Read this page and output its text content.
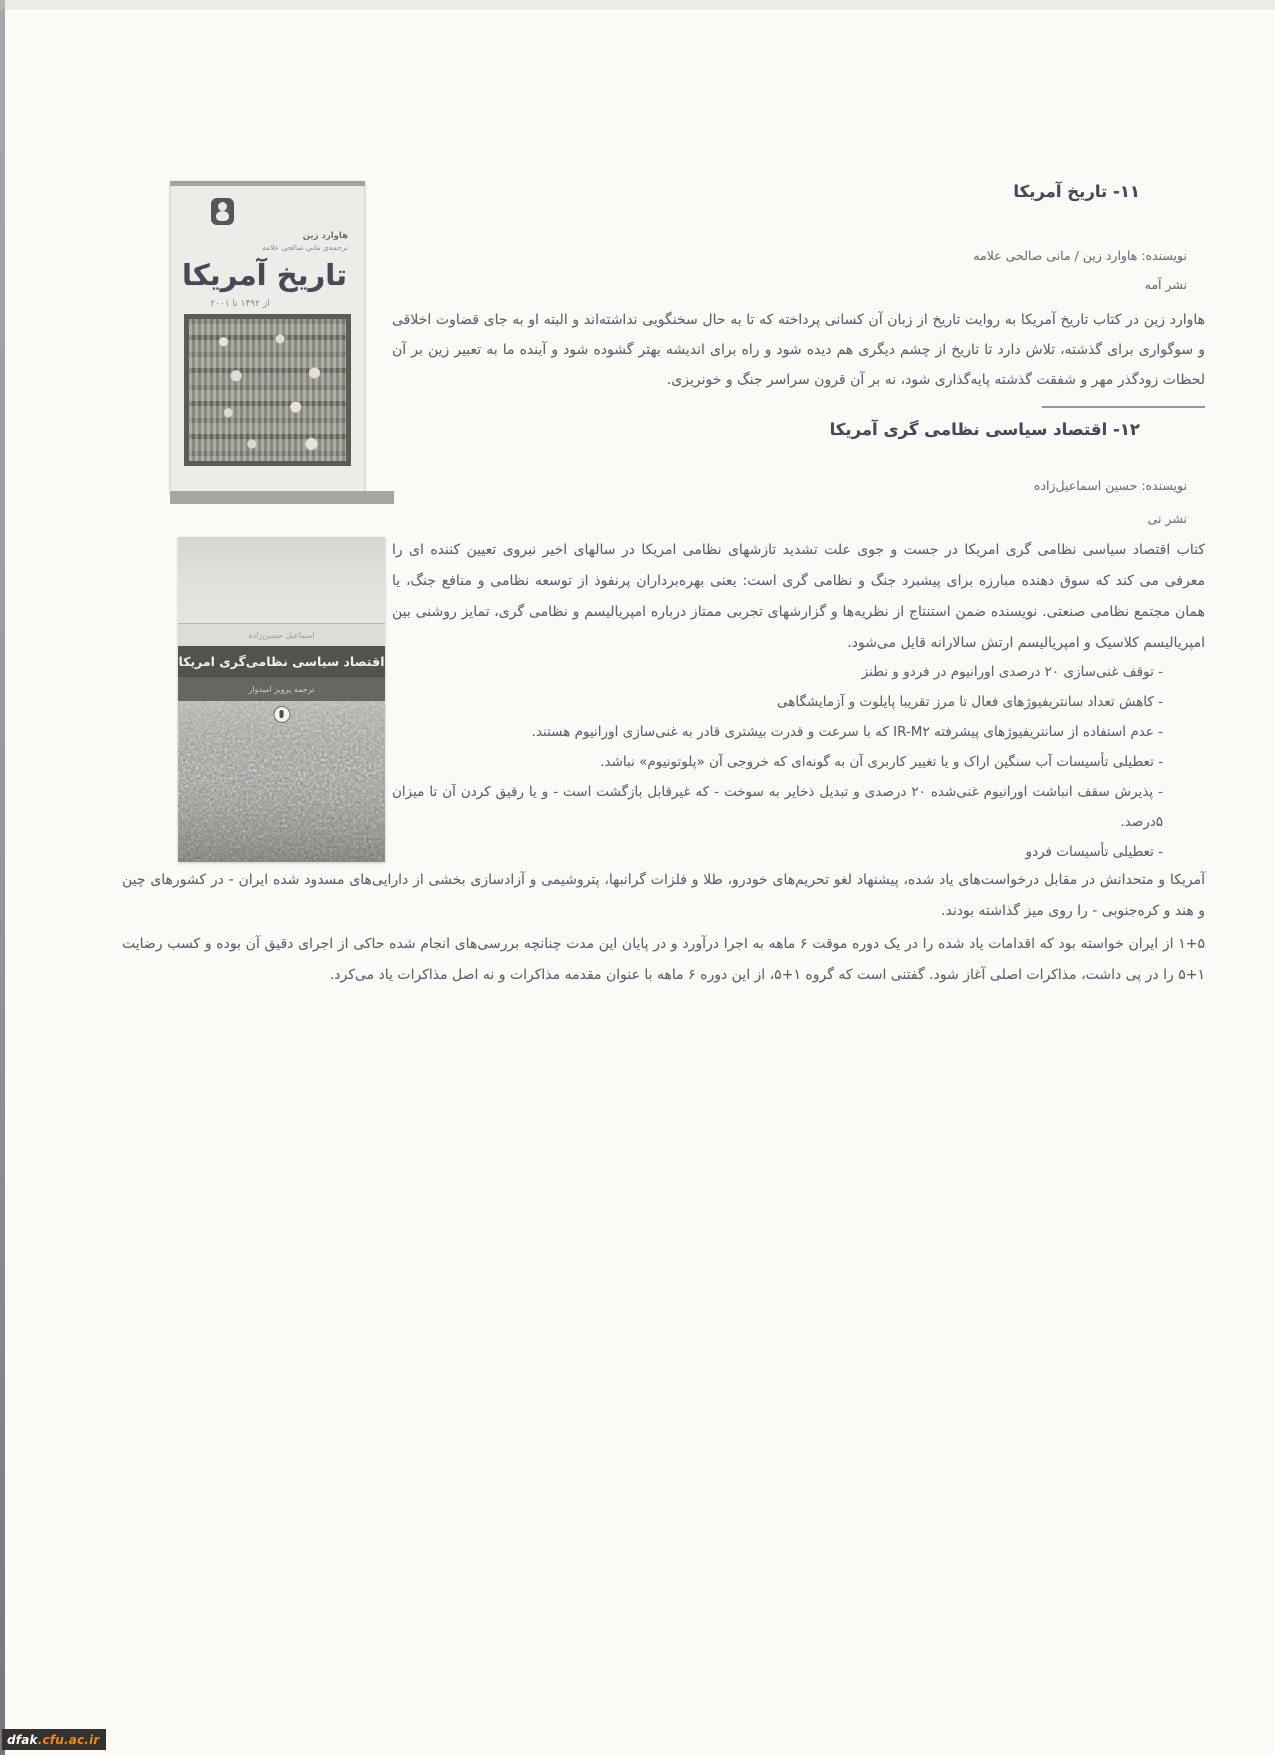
۱۱- تاریخ آمریکا
نویسنده: هاوارد زین / مانی صالحی علامه
نشر آمه
هاوارد زین در کتاب تاریخ آمریکا به روایت تاریخ از زبان آن کسانی پرداخته که تا به حال سخنگویی نداشته‌اند و البته او به جای قضاوت اخلاقی و سوگواری برای گذشته، تلاش دارد تا تاریخ از چشم دیگری هم دیده شود و راه برای اندیشه بهتر گشوده شود و آینده ما به تعبیر زین بر آن لحظات زودگذر مهر و شفقت گذشته پایه‌گذاری شود، نه بر آن قرون سراسر جنگ و خونریزی.
۱۲- اقتصاد سیاسی نظامی گری آمریکا
نویسنده: حسین اسماعیل‌زاده
نشر نی
کتاب اقتصاد سیاسی نظامی گری امریکا در جست و جوی علت تشدید تازشهای نظامی امریکا در سالهای اخیر نیروی تعیین کننده ای را معرفی می کند که سوق دهنده مبارزه برای پیشبرد جنگ و نظامی گری است: یعنی بهره‌برداران پرنفوذ از توسعه نظامی و منافع جنگ، یا همان مجتمع نظامی صنعتی. نویسنده ضمن استنتاج از نظریه‌ها و گزارشهای تجربی ممتاز درباره امپریالیسم و نظامی گری، تمایز روشنی بین امپریالیسم کلاسیک و امپریالیسم ارتش سالارانه قایل می‌شود.
- توقف غنی‌سازی ۲۰ درصدی اورانیوم در فردو و نطنز
- کاهش تعداد سانتریفیوژهای فعال تا مرز تقریبا پایلوت و آزمایشگاهی
- عدم استفاده از سانتریفیوژهای پیشرفته IR-M۲ که با سرعت و قدرت بیشتری قادر به غنی‌سازی اورانیوم هستند.
- تعطیلی تأسیسات آب سنگین اراک و یا تغییر کاربری آن به گونه‌ای که خروجی آن «پلوتونیوم» نباشد.
- پذیرش سقف انباشت اورانیوم غنی‌شده ۲۰ درصدی و تبدیل ذخایر به سوخت - که غیرقابل بازگشت است - و یا رقیق کردن آن تا میزان ۵درصد.
- تعطیلی تأسیسات فردو
آمریکا و متحدانش در مقابل درخواست‌های یاد شده، پیشنهاد لغو تحریم‌های خودرو، طلا و فلزات گرانبها، پتروشیمی و آزادسازی بخشی از دارایی‌های مسدود شده ایران - در کشورهای چین و هند و کره‌جنوبی - را روی میز گذاشته بودند.
۱+۵ از ایران خواسته بود که اقدامات یاد شده را در یک دوره موقت ۶ ماهه به اجرا درآورد و در پایان این مدت چنانچه بررسی‌های انجام شده حاکی از اجرای دقیق آن بوده و کسب رضایت ۱+۵ را در پی داشت، مذاکرات اصلی آغاز شود. گفتنی است که گروه ۱+۵، از این دوره ۶ ماهه با عنوان مقدمه مذاکرات و نه اصل مذاکرات یاد می‌کرد.
هاوارد زین
ترجمه‌ی مانی صالحی علامه
تاریخ آمریکا
از ۱۴۹۲ تا ۲۰۰۱
اسماعیل حسین‌زاده
اقتصاد سیاسی نظامی‌گری امریکا
ترجمه پرویز امیدوار
dfak .cfu.ac.ir
